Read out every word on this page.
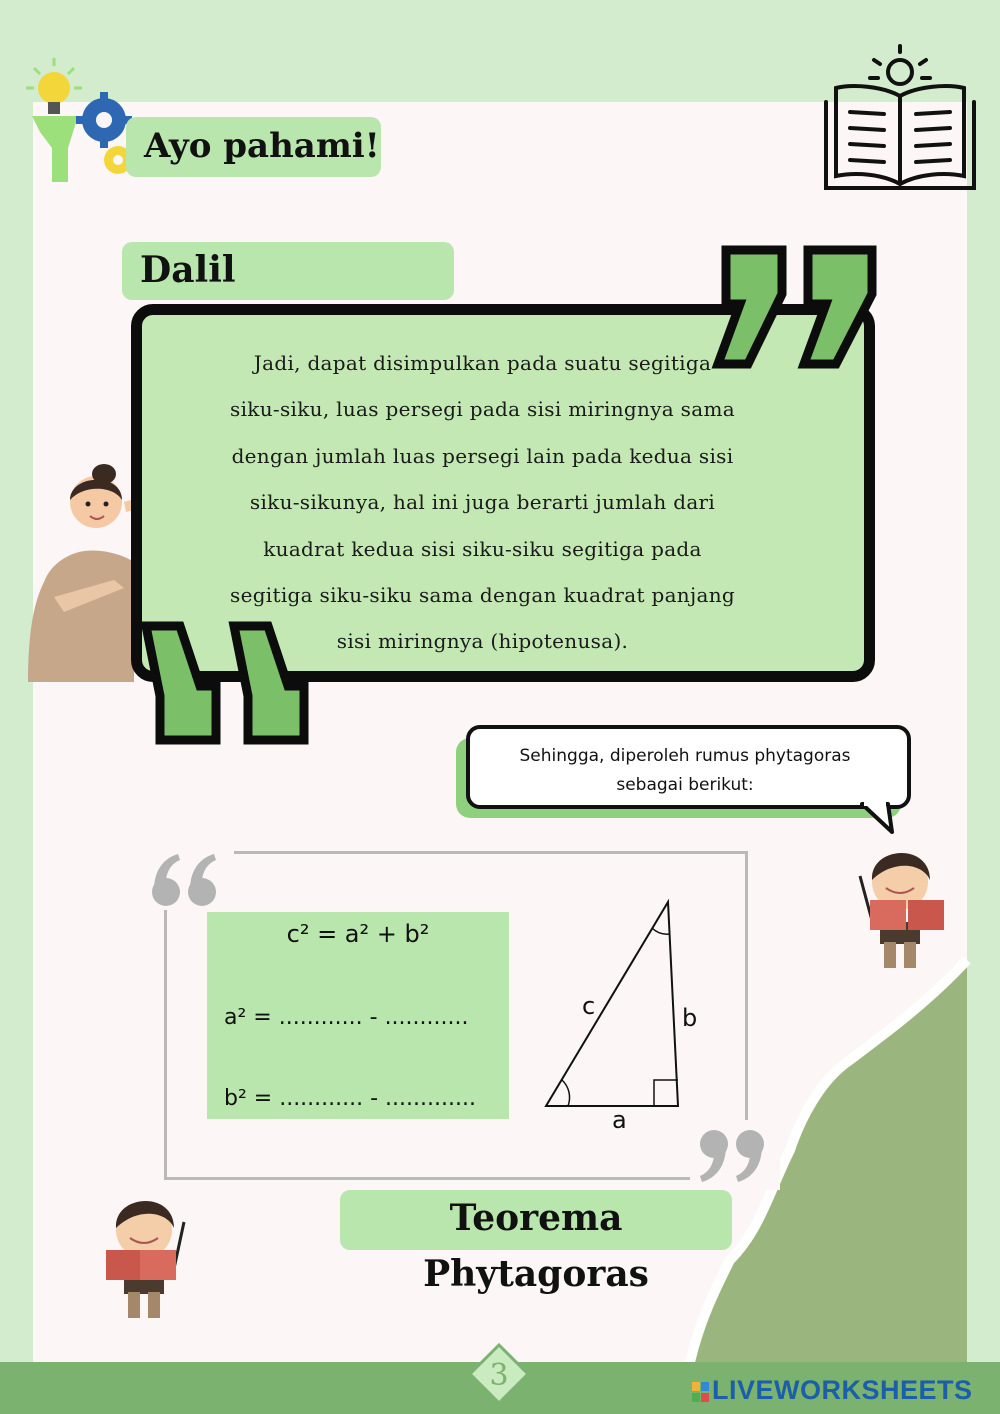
Ayo pahami!
Dalil
Jadi, dapat disimpulkan pada suatu segitiga
siku-siku, luas persegi pada sisi miringnya sama
dengan jumlah luas persegi lain pada kedua sisi
siku-sikunya, hal ini juga berarti jumlah dari
kuadrat kedua sisi siku-siku segitiga pada
segitiga siku-siku sama dengan kuadrat panjang
sisi miringnya (hipotenusa).
Sehingga, diperoleh rumus phytagoras
sebagai berikut:
c² = a² + b²
a² = ............ - ............
b² = ............ - .............
c	b
a
Teorema Phytagoras
3	LIVEWORKSHEETS
